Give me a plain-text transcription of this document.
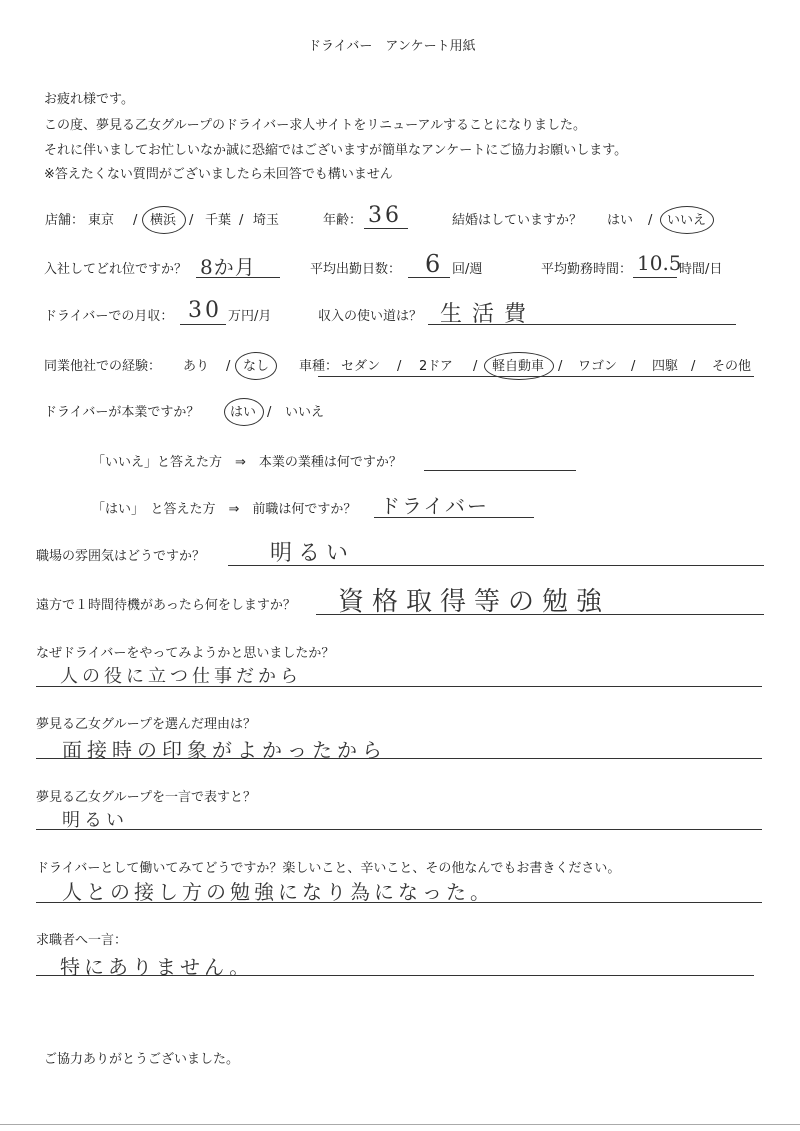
ドライバー　アンケート用紙
お疲れ様です。
この度、夢見る乙女グループのドライバー求人サイトをリニューアルすることになりました。
それに伴いましてお忙しいなか誠に恐縮ではございますが簡単なアンケートにご協力お願いします。
※答えたくない質問がございましたら未回答でも構いません
店舗： 東京 / 横浜 / 千葉 / 埼玉	年齢： 36	結婚はしていますか？ はい / いいえ
入社してどれ位ですか？ 8か月	平均出勤日数： 6 回/週	平均勤務時間： 10.5
時間/日
ドライバーでの月収： 30 万円/月	収入の使い道は？ 生活費
同業他社での経験： あり / なし 車種： セダン / 2ドア / 軽自動車 / ワゴン / 四駆 / その他
ドライバーが本業ですか？ はい / いいえ
「いいえ」と答えた方　⇒　本業の業種は何ですか？
「はい」　と答えた方　⇒　前職は何ですか？ ドライバー
職場の雰囲気はどうですか？	明るい
遠方で１時間待機があったら何をしますか？ 資格取得等の勉強
なぜドライバーをやってみようかと思いましたか？
人の役に立つ仕事だから
夢見る乙女グループを選んだ理由は？
面接時の印象がよかったから
夢見る乙女グループを一言で表すと？
明るい
ドライバーとして働いてみてどうですか？楽しいこと、辛いこと、その他なんでもお書きください。
人との接し方の勉強になり為になった。
求職者へ一言：
特にありません。
ご協力ありがとうございました。
